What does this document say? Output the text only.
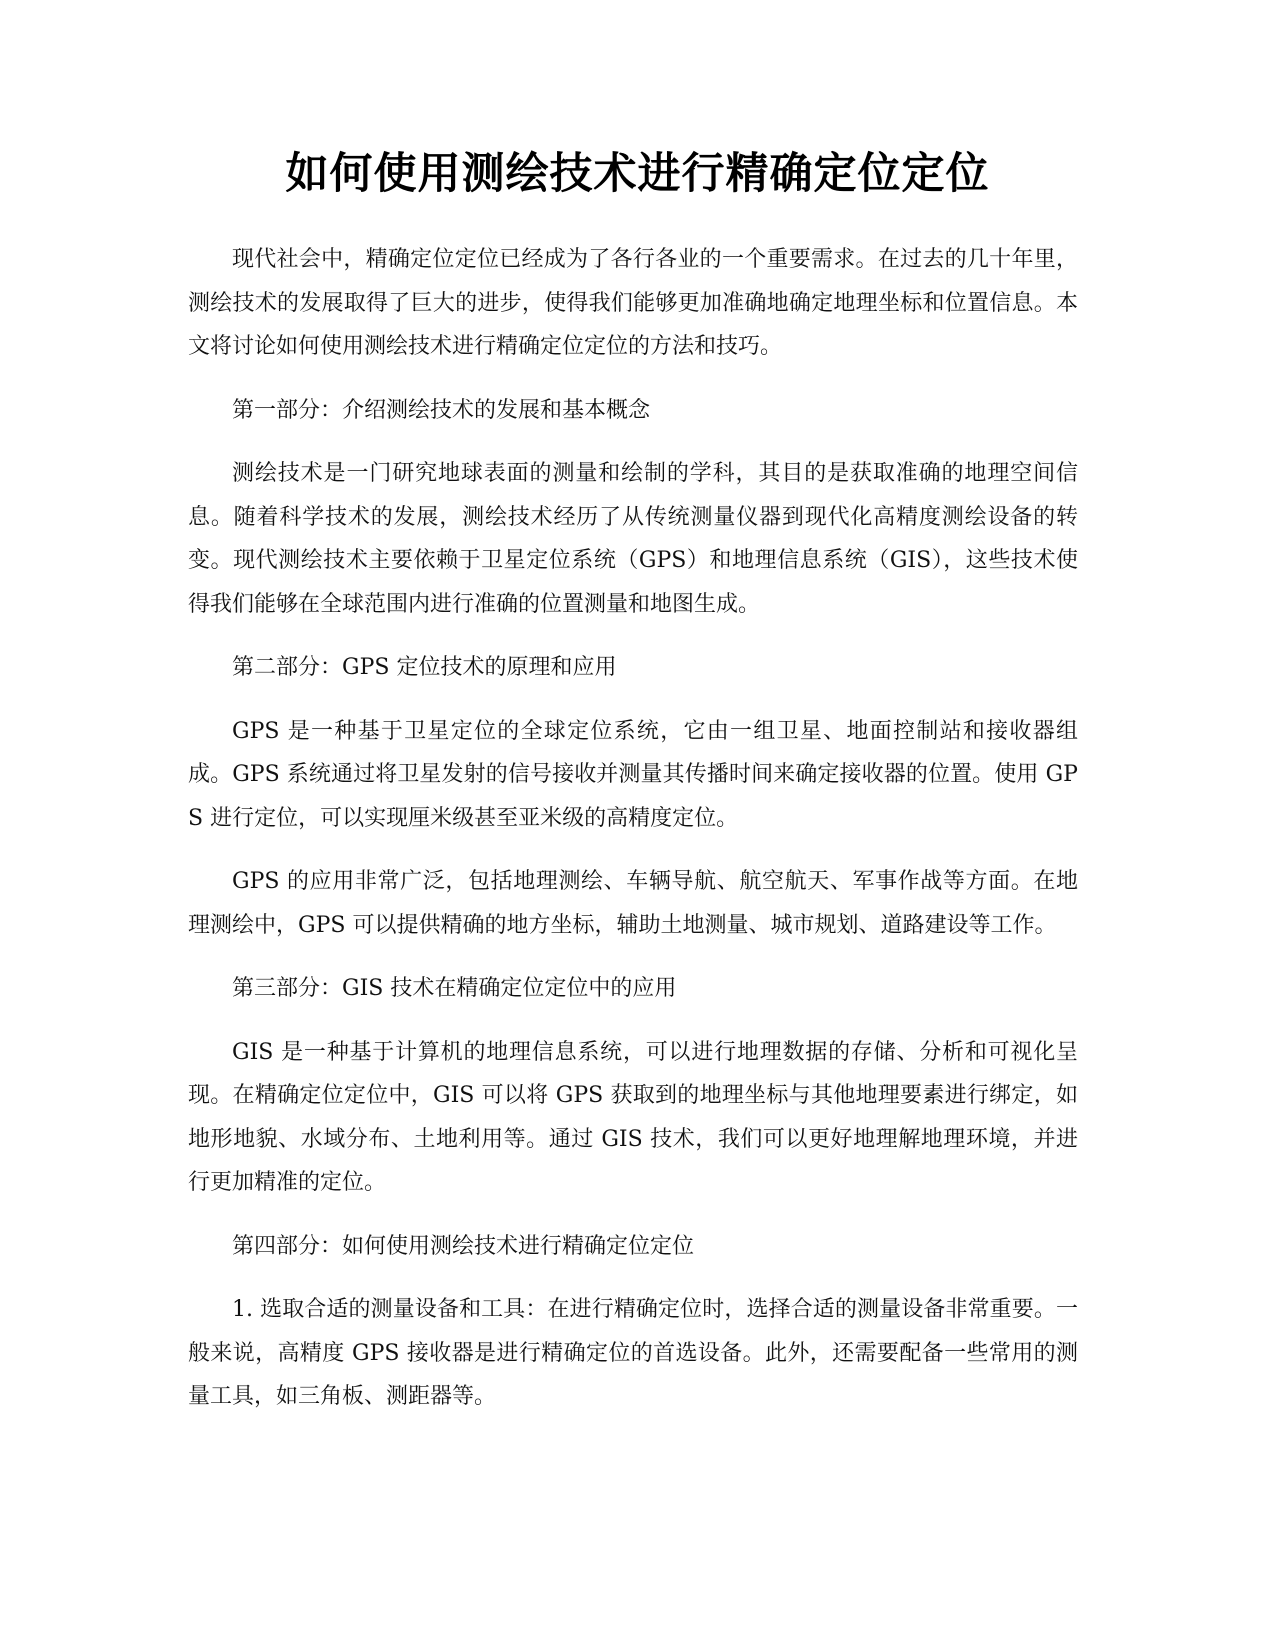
如何使用测绘技术进行精确定位定位

现代社会中，精确定位定位已经成为了各行各业的一个重要需求。在过去的几十年里，测绘技术的发展取得了巨大的进步，使得我们能够更加准确地确定地理坐标和位置信息。本文将讨论如何使用测绘技术进行精确定位定位的方法和技巧。

第一部分：介绍测绘技术的发展和基本概念

测绘技术是一门研究地球表面的测量和绘制的学科，其目的是获取准确的地理空间信息。随着科学技术的发展，测绘技术经历了从传统测量仪器到现代化高精度测绘设备的转变。现代测绘技术主要依赖于卫星定位系统（GPS）和地理信息系统（GIS），这些技术使得我们能够在全球范围内进行准确的位置测量和地图生成。

第二部分：GPS 定位技术的原理和应用

GPS 是一种基于卫星定位的全球定位系统，它由一组卫星、地面控制站和接收器组成。GPS 系统通过将卫星发射的信号接收并测量其传播时间来确定接收器的位置。使用 GPS 进行定位，可以实现厘米级甚至亚米级的高精度定位。

GPS 的应用非常广泛，包括地理测绘、车辆导航、航空航天、军事作战等方面。在地理测绘中，GPS 可以提供精确的地方坐标，辅助土地测量、城市规划、道路建设等工作。

第三部分：GIS 技术在精确定位定位中的应用

GIS 是一种基于计算机的地理信息系统，可以进行地理数据的存储、分析和可视化呈现。在精确定位定位中，GIS 可以将 GPS 获取到的地理坐标与其他地理要素进行绑定，如地形地貌、水域分布、土地利用等。通过 GIS 技术，我们可以更好地理解地理环境，并进行更加精准的定位。

第四部分：如何使用测绘技术进行精确定位定位

1. 选取合适的测量设备和工具：在进行精确定位时，选择合适的测量设备非常重要。一般来说，高精度 GPS 接收器是进行精确定位的首选设备。此外，还需要配备一些常用的测量工具，如三角板、测距器等。
